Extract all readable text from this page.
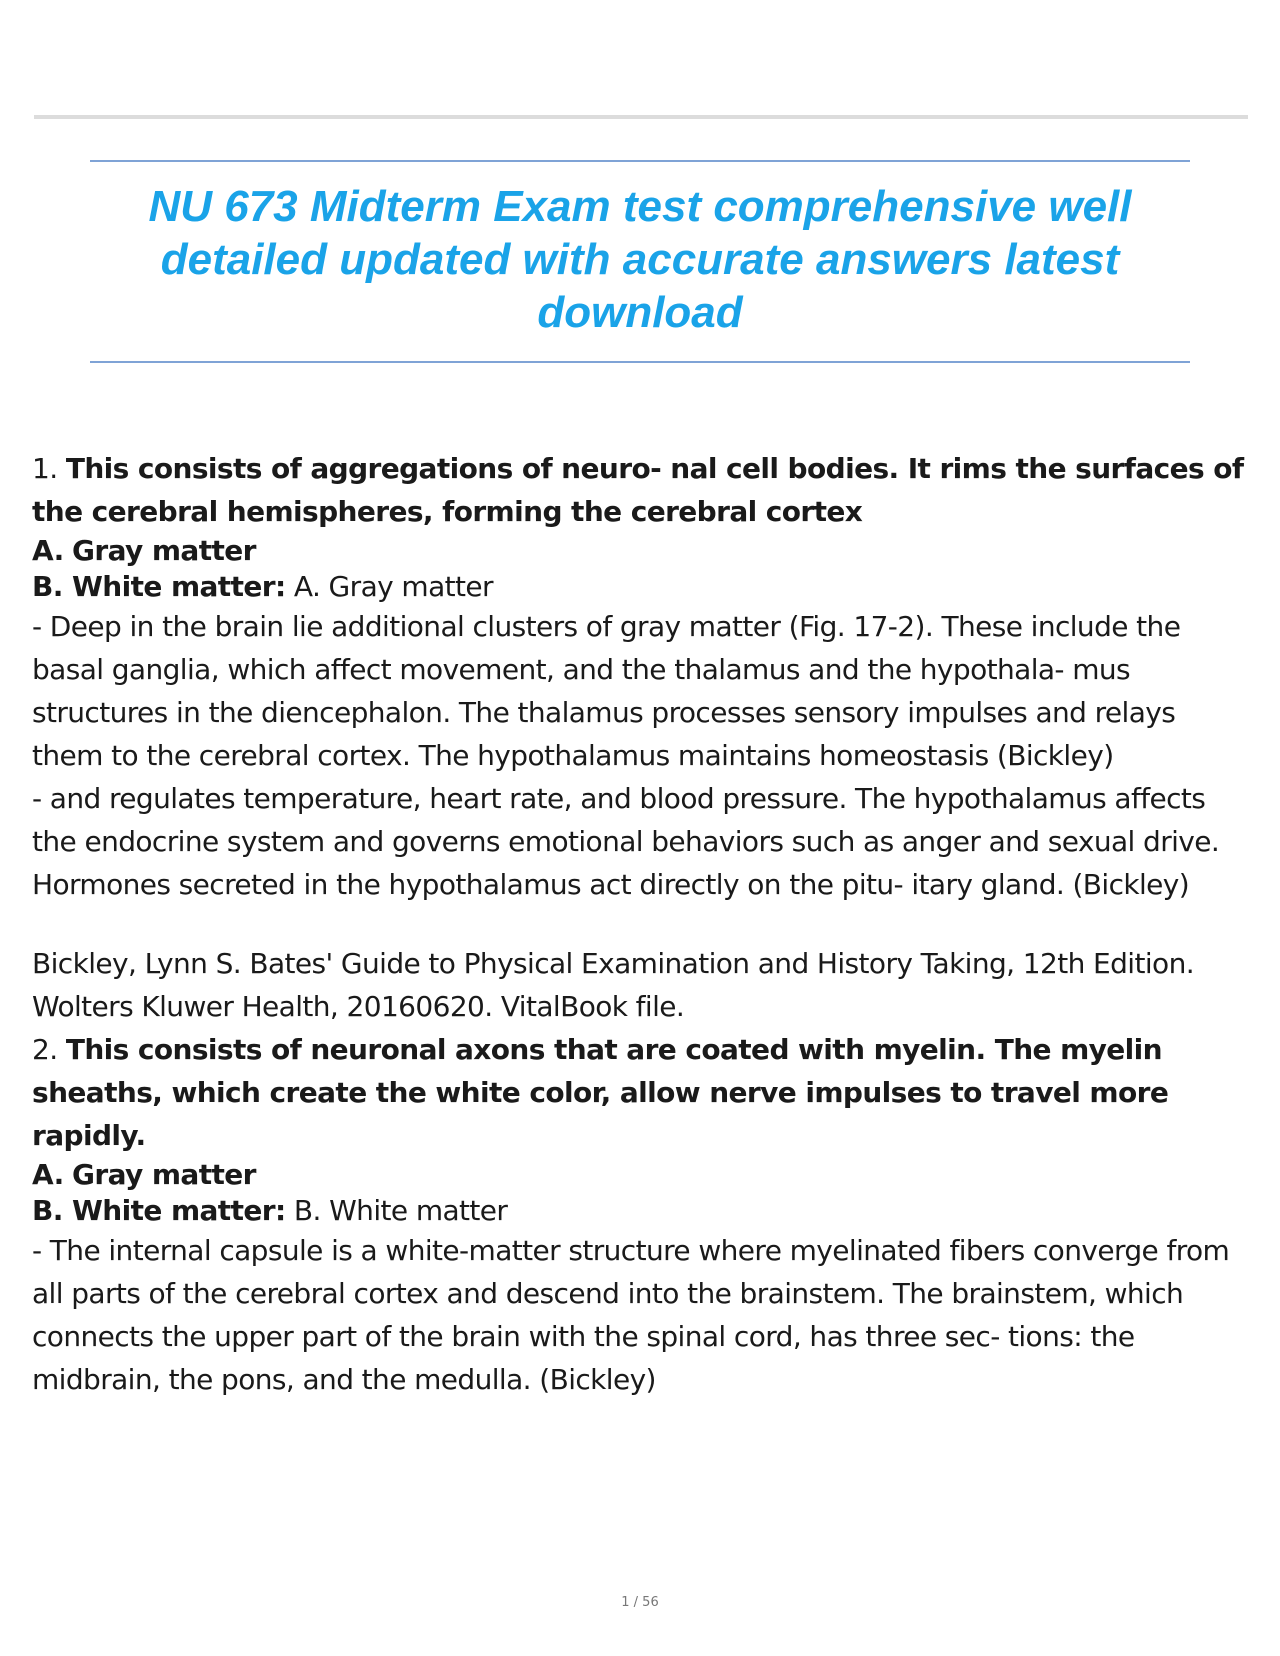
NU 673 Midterm Exam test comprehensive well detailed updated with accurate answers latest download

1. This consists of aggregations of neuro- nal cell bodies. It rims the surfaces of the cerebral hemispheres, forming the cerebral cortex

A. Gray matter

B. White matter: A. Gray matter

- Deep in the brain lie additional clusters of gray matter (Fig. 17-2). These include the basal ganglia, which affect movement, and the thalamus and the hypothala- mus structures in the diencephalon. The thalamus processes sensory impulses and relays them to the cerebral cortex. The hypothalamus maintains homeostasis (Bickley)

- and regulates temperature, heart rate, and blood pressure. The hypothalamus affects the endocrine system and governs emotional behaviors such as anger and sexual drive. Hormones secreted in the hypothalamus act directly on the pitu- itary gland. (Bickley)

Bickley, Lynn S. Bates' Guide to Physical Examination and History Taking, 12th Edition. Wolters Kluwer Health, 20160620. VitalBook file.

2. This consists of neuronal axons that are coated with myelin. The myelin sheaths, which create the white color, allow nerve impulses to travel more rapidly.

A. Gray matter

B. White matter: B. White matter

- The internal capsule is a white-matter structure where myelinated fibers converge from all parts of the cerebral cortex and descend into the brainstem. The brainstem, which connects the upper part of the brain with the spinal cord, has three sec- tions: the midbrain, the pons, and the medulla. (Bickley)

1 / 56
